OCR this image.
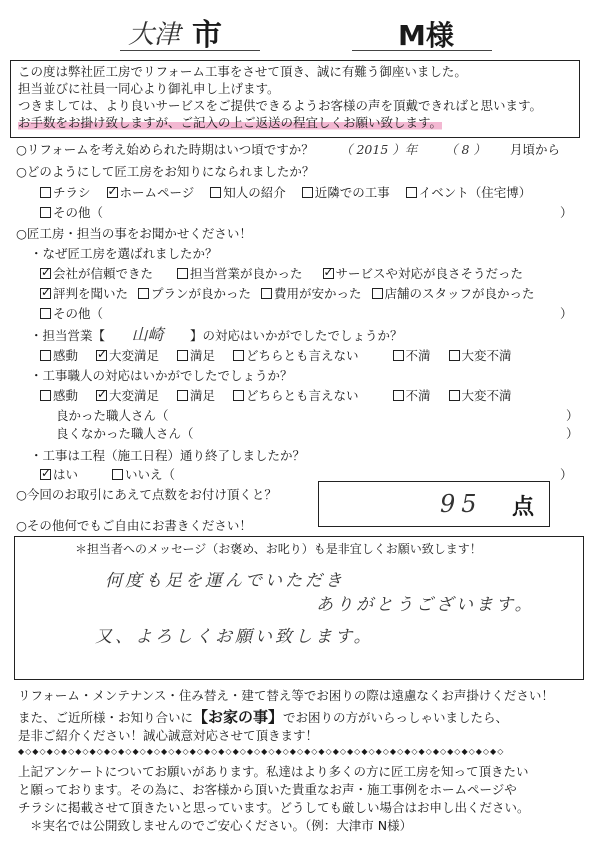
大津 市	M様
この度は弊社匠工房でリフォーム工事をさせて頂き、誠に有難う御座いました。
担当並びに社員一同心より御礼申し上げます。
つきましては、より良いサービスをご提供できるようお客様の声を頂戴できればと思います。
お手数をお掛け致しますが、ご記入の上ご返送の程宜しくお願い致します。
○リフォームを考え始められた時期はいつ頃ですか？ （ 2015 ）年 （ 8 ） 月頃から
○どのようにして匠工房をお知りになられましたか？
チラシ ✓ ホームページ 知人の紹介 近隣での工事 イベント（住宅博）
その他（	）
○匠工房・担当の事をお聞かせください！
・なぜ匠工房を選ばれましたか？
✓会社が信頼できた	担当営業が良かった ✓	サービスや対応が良さそうだった
✓評判を聞いた プランが良かった 費用が安かった 店舗のスタッフが良かった
その他（	）
・担当営業【 山崎 】の対応はいかがでしたでしょうか？
感動 ✓ 大変満足 満足 どちらとも言えない	不満 大変不満
・工事職人の対応はいかがでしたでしょうか？
感動 ✓ 大変満足 満足 どちらとも言えない	不満 大変不満
良かった職人さん（	）
良くなかった職人さん（	）
・工事は工程（施工日程）通り終了しましたか？
✓はい	いいえ（	）
○今回のお取引にあえて点数をお付け頂くと？	95 点
○その他何でもご自由にお書きください！
＊担当者へのメッセージ（お褒め、お叱り）も是非宜しくお願い致します！
何度も足を運んでいただき
ありがとうございます。
又、よろしくお願い致します。
リフォーム・メンテナンス・住み替え・建て替え等でお困りの際は遠慮なくお声掛けください！
また、ご近所様・お知り合いに【お家の事】でお困りの方がいらっしゃいましたら、
是非ご紹介ください！誠心誠意対応させて頂きます！
◆◇◆◇◆◇◆◇◆◇◆◇◆◇◆◇◆◇◆◇◆◇◆◇◆◇◆◇◆◇◆◇◆◇◆◇◆◇◆◇◆◇◆◇◆◇◆◇◆◇◆◇◆◇◆◇◆◇◆◇◆◇◆◇◆◇◆◇
上記アンケートについてお願いがあります。私達はより多くの方に匠工房を知って頂きたい
と願っております。その為に、お客様から頂いた貴重なお声・施工事例をホームページや
チラシに掲載させて頂きたいと思っています。どうしても厳しい場合はお申し出ください。
＊実名では公開致しませんのでご安心ください。（例：大津市 N様）
